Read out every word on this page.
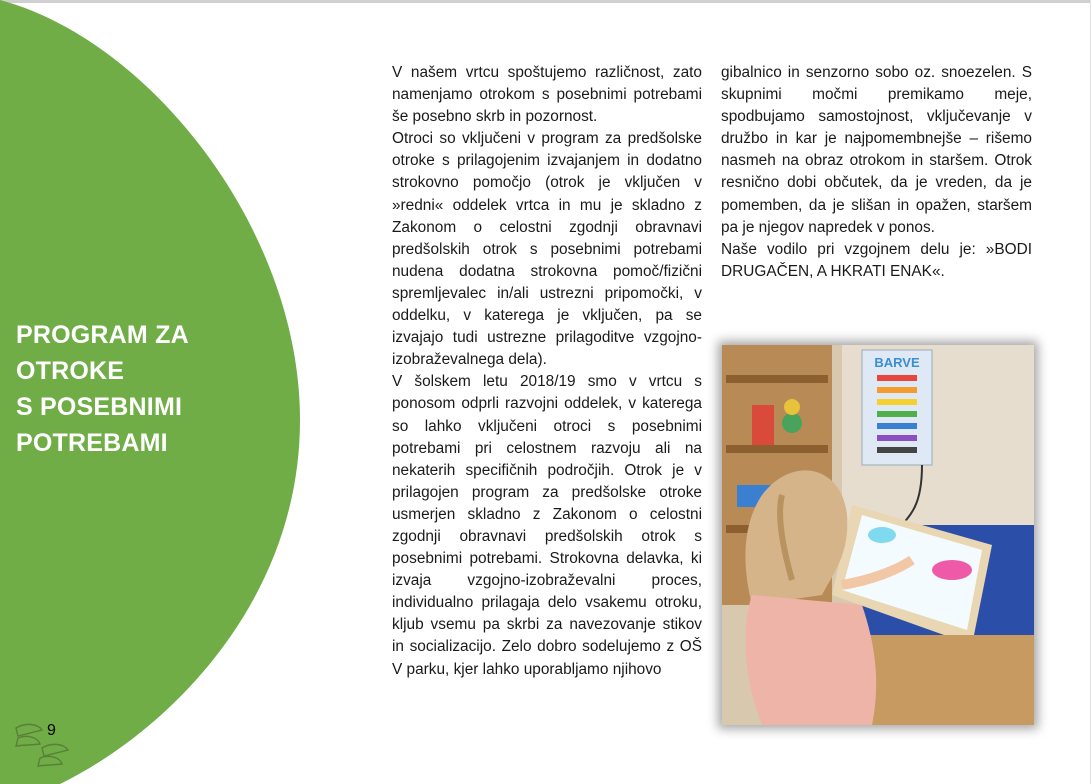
PROGRAM ZA
OTROKE
S POSEBNIMI
POTREBAMI
9

V našem vrtcu spoštujemo različnost, zato namenjamo otrokom s posebnimi potrebami še posebno skrb in pozornost.

Otroci so vključeni v program za predšolske otroke s prilagojenim izvajanjem in dodatno strokovno pomočjo (otrok je vključen v »redni« oddelek vrtca in mu je skladno z Zakonom o celostni zgodnji obravnavi predšolskih otrok s posebnimi potrebami nudena dodatna strokovna pomoč/fizični spremljevalec in/ali ustrezni pripomočki, v oddelku, v katerega je vključen, pa se izvajajo tudi ustrezne prilagoditve vzgojno-izobraževalnega dela).

V šolskem letu 2018/19 smo v vrtcu s ponosom odprli razvojni oddelek, v katerega so lahko vključeni otroci s posebnimi potrebami pri celostnem razvoju ali na nekaterih specifičnih področjih. Otrok je v prilagojen program za predšolske otroke usmerjen skladno z Zakonom o celostni zgodnji obravnavi predšolskih otrok s posebnimi potrebami. Strokovna delavka, ki izvaja vzgojno-izobraževalni proces, individualno prilagaja delo vsakemu otroku, kljub vsemu pa skrbi za navezovanje stikov in socializacijo. Zelo dobro sodelujemo z OŠ V parku, kjer lahko uporabljamo njihovo

gibalnico in senzorno sobo oz. snoezelen. S skupnimi močmi premikamo meje, spodbujamo samostojnost, vključevanje v družbo in kar je najpomembnejše – rišemo nasmeh na obraz otrokom in staršem. Otrok resnično dobi občutek, da je vreden, da je pomemben, da je slišan in opažen, staršem pa je njegov napredek v ponos.

Naše vodilo pri vzgojnem delu je: »BODI DRUGAČEN, A HKRATI ENAK«.

BARVE
